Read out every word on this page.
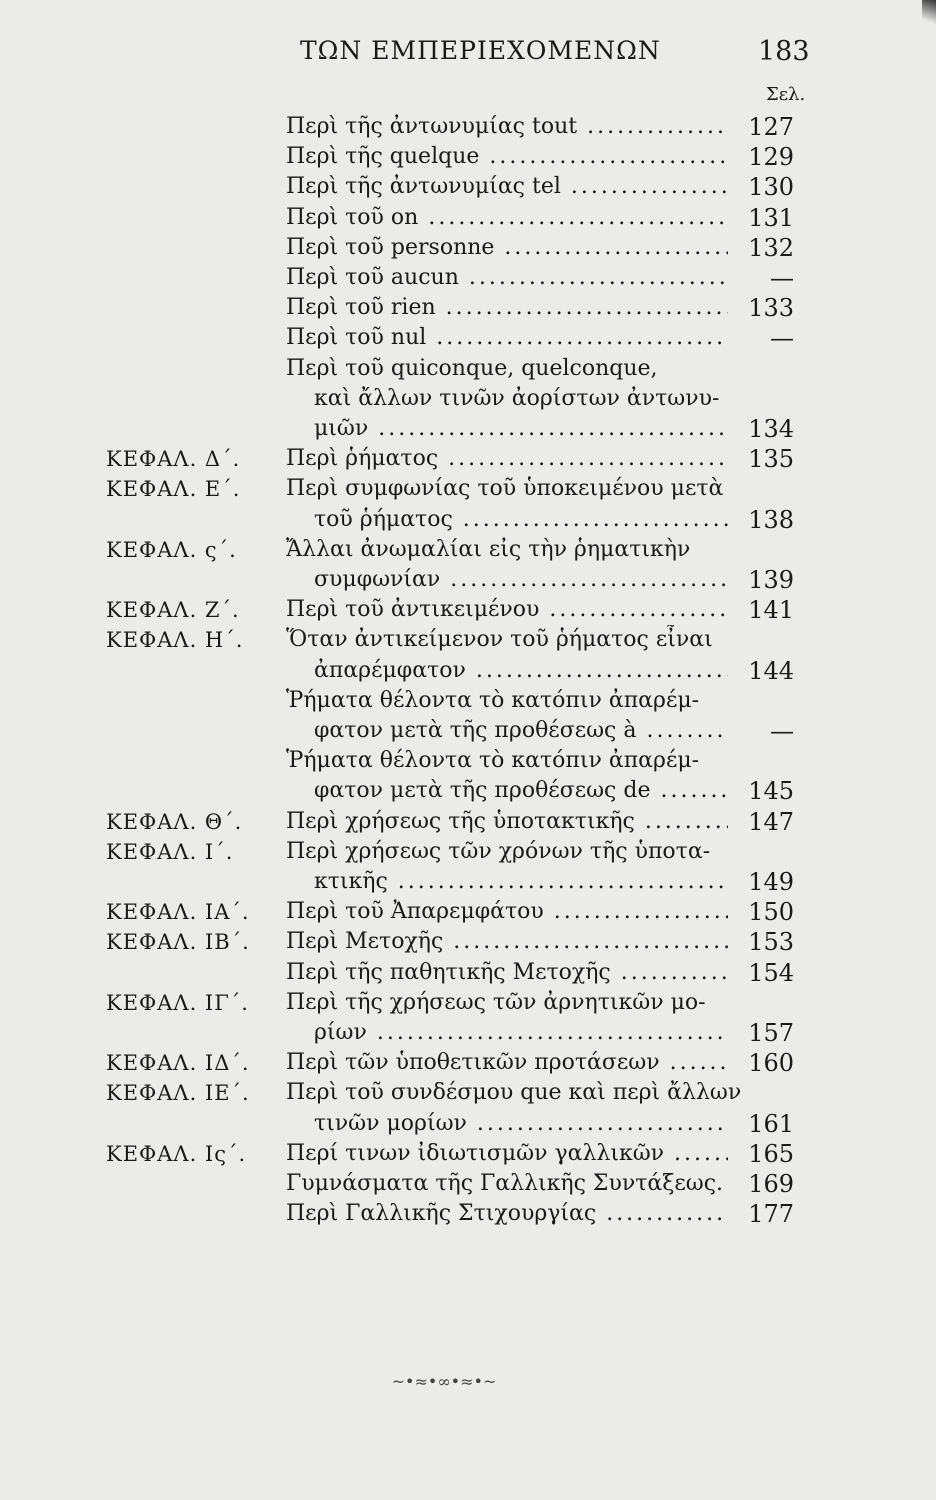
ΤΩΝ ΕΜΠΕΡΙΕΧΟΜΕΝΩΝ	183
Σελ.
Περὶ τῆς ἀντωνυμίας tout .....	127
Περὶ τῆς quelque .....	129
Περὶ τῆς ἀντωνυμίας tel .....	130
Περὶ τοῦ on .....	131
Περὶ τοῦ personne .....	132
Περὶ τοῦ aucun .....	—
Περὶ τοῦ rien .....	133
Περὶ τοῦ nul .....	—
Περὶ τοῦ quiconque, quelconque,
καὶ ἄλλων τινῶν ἀορίστων ἀντωνυ-
μιῶν .....	134
ΚΕΦΑΛ. Δ΄. Περὶ ῥήματος .....	135
ΚΕΦΑΛ. Ε΄. Περὶ συμφωνίας τοῦ ὑποκειμένου μετὰ
τοῦ ῥήματος .....	138
ΚΕΦΑΛ. ς΄. Ἄλλαι ἀνωμαλίαι εἰς τὴν ῥηματικὴν
συμφωνίαν .....	139
ΚΕΦΑΛ. Ζ΄. Περὶ τοῦ ἀντικειμένου .....	141
ΚΕΦΑΛ. Η΄. Ὅταν ἀντικείμενον τοῦ ῥήματος εἶναι
ἀπαρέμφατον .....	144
Ῥήματα θέλοντα τὸ κατόπιν ἀπαρέμ-
φατον μετὰ τῆς προθέσεως à .....	—
Ῥήματα θέλοντα τὸ κατόπιν ἀπαρέμ-
φατον μετὰ τῆς προθέσεως de .....	145
ΚΕΦΑΛ. Θ΄. Περὶ χρήσεως τῆς ὑποτακτικῆς .....	147
ΚΕΦΑΛ. Ι΄. Περὶ χρήσεως τῶν χρόνων τῆς ὑποτα-
κτικῆς .....	149
ΚΕΦΑΛ. ΙΑ΄. Περὶ τοῦ Ἀπαρεμφάτου .....	150
ΚΕΦΑΛ. ΙΒ΄. Περὶ Μετοχῆς .....	153
Περὶ τῆς παθητικῆς Μετοχῆς .....	154
ΚΕΦΑΛ. ΙΓ΄. Περὶ τῆς χρήσεως τῶν ἀρνητικῶν μο-
ρίων .....	157
ΚΕΦΑΛ. ΙΔ΄. Περὶ τῶν ὑποθετικῶν προτάσεων .....	160
ΚΕΦΑΛ. ΙΕ΄. Περὶ τοῦ συνδέσμου que καὶ περὶ ἄλλων
τινῶν μορίων .....	161
ΚΕΦΑΛ. Ις΄. Περί τινων ἰδιωτισμῶν γαλλικῶν .....	165
Γυμνάσματα τῆς Γαλλικῆς Συντάξεως.	169
Περὶ Γαλλικῆς Στιχουργίας .....	177
~•≈•∞•≈•~
